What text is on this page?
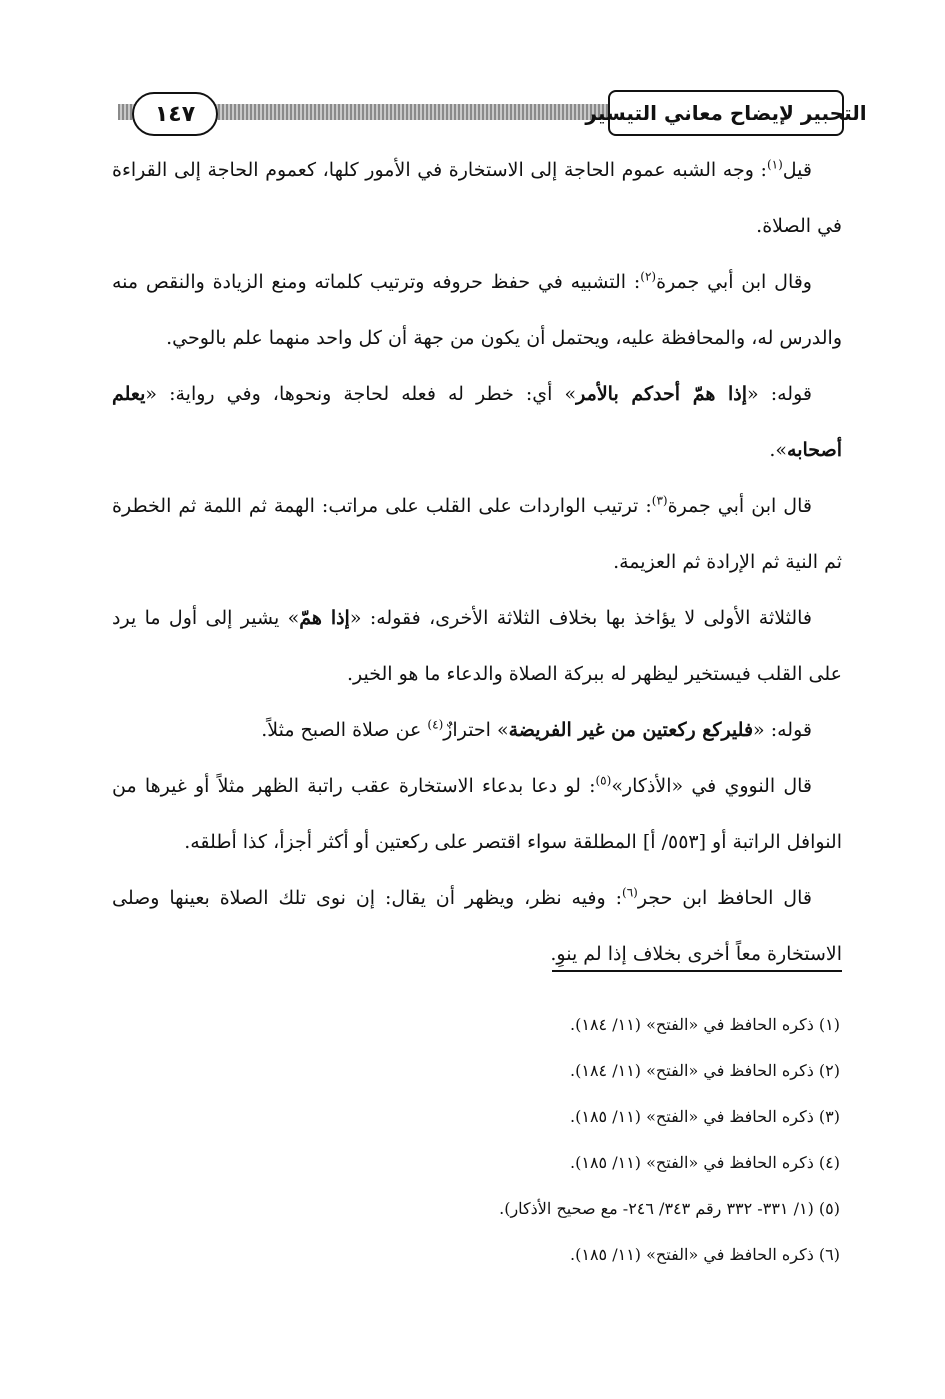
١٤٧	التحبير لإيضاح معاني التيسير

قيل$^{(١)}$: وجه الشبه عموم الحاجة إلى الاستخارة في الأمور كلها، كعموم الحاجة إلى القراءة في الصلاة.

وقال ابن أبي جمرة$^{(٢)}$: التشبيه في حفظ حروفه وترتيب كلماته ومنع الزيادة والنقص منه والدرس له، والمحافظة عليه، ويحتمل أن يكون من جهة أن كل واحد منهما علم بالوحي.

قوله: «إذا همّ أحدكم بالأمر» أي: خطر له فعله لحاجة ونحوها، وفي رواية: «يعلم أصحابه».

قال ابن أبي جمرة$^{(٣)}$: ترتيب الواردات على القلب على مراتب: الهمة ثم اللمة ثم الخطرة ثم النية ثم الإرادة ثم العزيمة.

فالثلاثة الأولى لا يؤاخذ بها بخلاف الثلاثة الأخرى، فقوله: «إذا همّ» يشير إلى أول ما يرد على القلب فيستخير ليظهر له ببركة الصلاة والدعاء ما هو الخير.

قوله: «فليركع ركعتين من غير الفريضة» احترازٌ$^{(٤)}$ عن صلاة الصبح مثلاً.

قال النووي في «الأذكار»$^{(٥)}$: لو دعا بدعاء الاستخارة عقب راتبة الظهر مثلاً أو غيرها من النوافل الراتبة أو [٥٥٣/ أ] المطلقة سواء اقتصر على ركعتين أو أكثر أجزأ، كذا أطلقه.

قال الحافظ ابن حجر$^{(٦)}$: وفيه نظر، ويظهر أن يقال: إن نوى تلك الصلاة بعينها وصلى الاستخارة معاً أخرى بخلاف إذا لم ينوِ.

(١) ذكره الحافظ في «الفتح» (١١/ ١٨٤).
(٢) ذكره الحافظ في «الفتح» (١١/ ١٨٤).
(٣) ذكره الحافظ في «الفتح» (١١/ ١٨٥).
(٤) ذكره الحافظ في «الفتح» (١١/ ١٨٥).
(٥) (١/ ٣٣١- ٣٣٢ رقم ٣٤٣/ ٢٤٦- مع صحيح الأذكار).
(٦) ذكره الحافظ في «الفتح» (١١/ ١٨٥).
